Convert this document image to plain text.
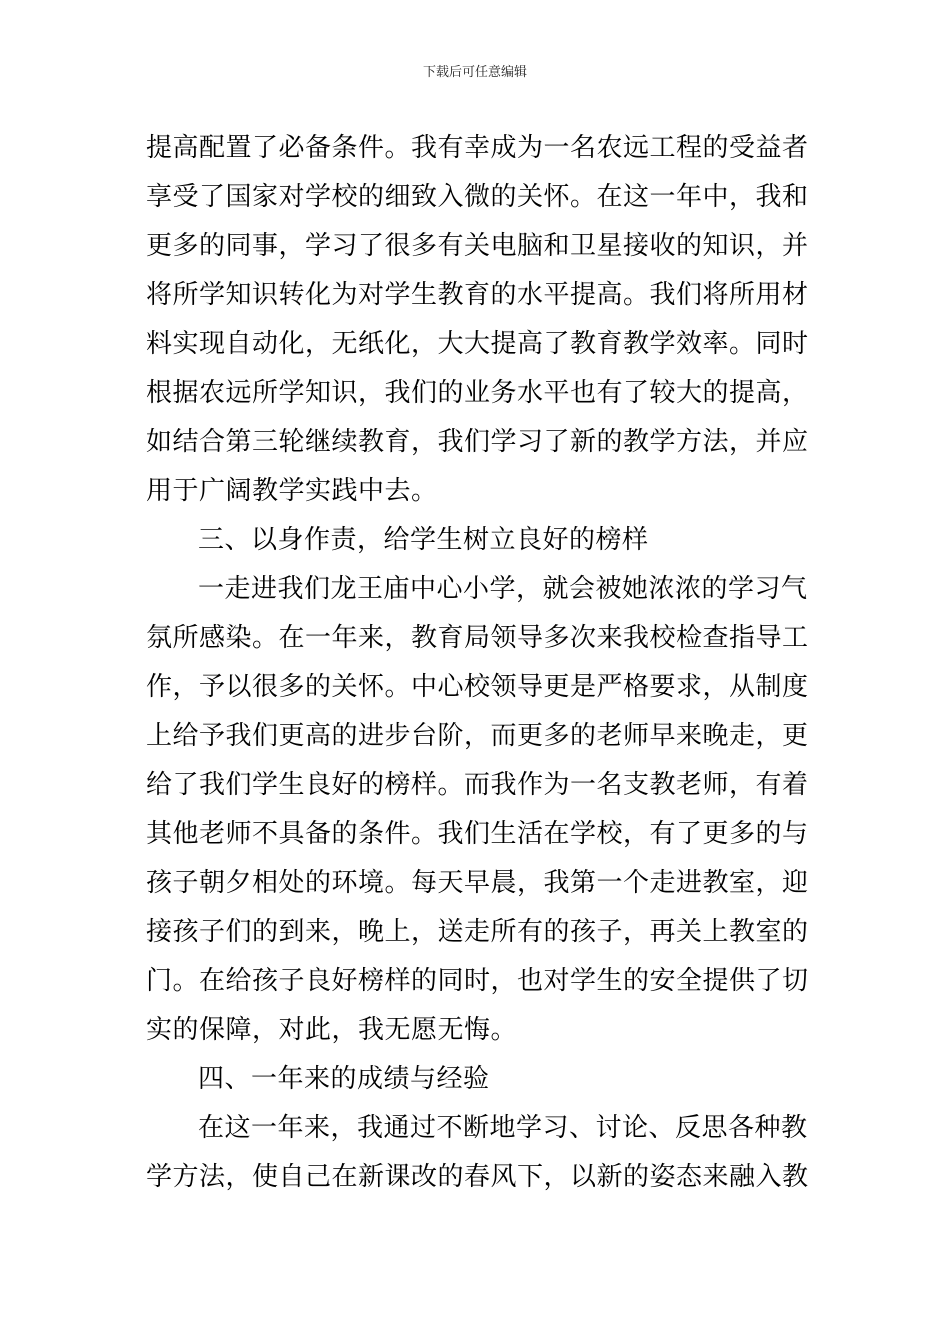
下载后可任意编辑
提高配置了必备条件。我有幸成为一名农远工程的受益者
享受了国家对学校的细致入微的关怀。在这一年中，我和
更多的同事，学习了很多有关电脑和卫星接收的知识，并
将所学知识转化为对学生教育的水平提高。我们将所用材
料实现自动化，无纸化，大大提高了教育教学效率。同时
根据农远所学知识，我们的业务水平也有了较大的提高，
如结合第三轮继续教育，我们学习了新的教学方法，并应
用于广阔教学实践中去。
三、以身作责，给学生树立良好的榜样
一走进我们龙王庙中心小学，就会被她浓浓的学习气
氛所感染。在一年来，教育局领导多次来我校检查指导工
作，予以很多的关怀。中心校领导更是严格要求，从制度
上给予我们更高的进步台阶，而更多的老师早来晚走，更
给了我们学生良好的榜样。而我作为一名支教老师，有着
其他老师不具备的条件。我们生活在学校，有了更多的与
孩子朝夕相处的环境。每天早晨，我第一个走进教室，迎
接孩子们的到来，晚上，送走所有的孩子，再关上教室的
门。在给孩子良好榜样的同时，也对学生的安全提供了切
实的保障，对此，我无愿无悔。
四、一年来的成绩与经验
在这一年来，我通过不断地学习、讨论、反思各种教
学方法，使自己在新课改的春风下，以新的姿态来融入教
